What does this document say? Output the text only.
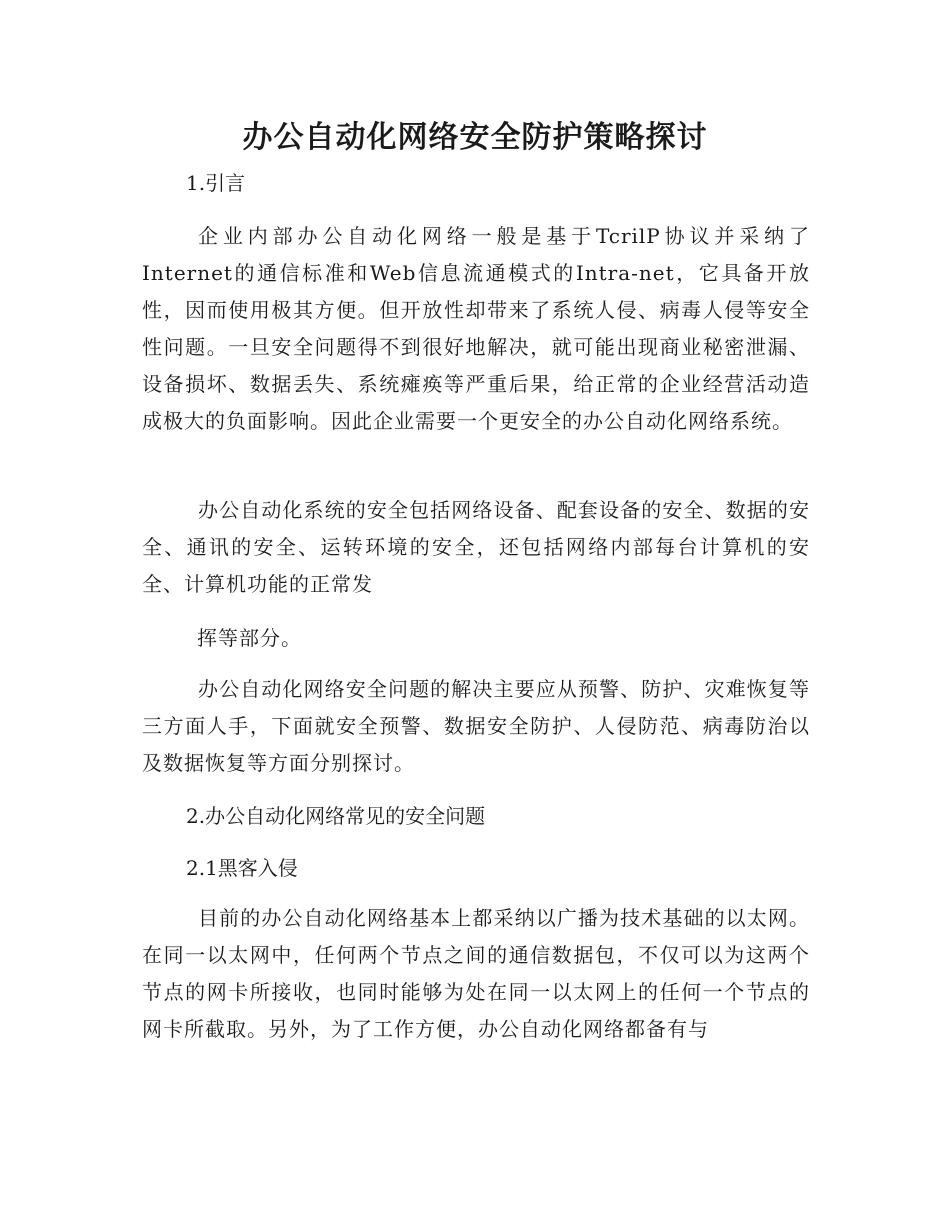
办公自动化网络安全防护策略探讨
1.引言
企业内部办公自动化网络一般是基于TcrilP协议并采纳了Internet的通信标准和Web信息流通模式的Intra-net，它具备开放性，因而使用极其方便。但开放性却带来了系统人侵、病毒人侵等安全性问题。一旦安全问题得不到很好地解决，就可能出现商业秘密泄漏、设备损坏、数据丢失、系统瘫痪等严重后果，给正常的企业经营活动造成极大的负面影响。因此企业需要一个更安全的办公自动化网络系统。
办公自动化系统的安全包括网络设备、配套设备的安全、数据的安全、通讯的安全、运转环境的安全，还包括网络内部每台计算机的安全、计算机功能的正常发
挥等部分。
办公自动化网络安全问题的解决主要应从预警、防护、灾难恢复等三方面人手，下面就安全预警、数据安全防护、人侵防范、病毒防治以及数据恢复等方面分别探讨。
2.办公自动化网络常见的安全问题
2.1黑客入侵
目前的办公自动化网络基本上都采纳以广播为技术基础的以太网。在同一以太网中，任何两个节点之间的通信数据包，不仅可以为这两个节点的网卡所接收，也同时能够为处在同一以太网上的任何一个节点的网卡所截取。另外，为了工作方便，办公自动化网络都备有与
